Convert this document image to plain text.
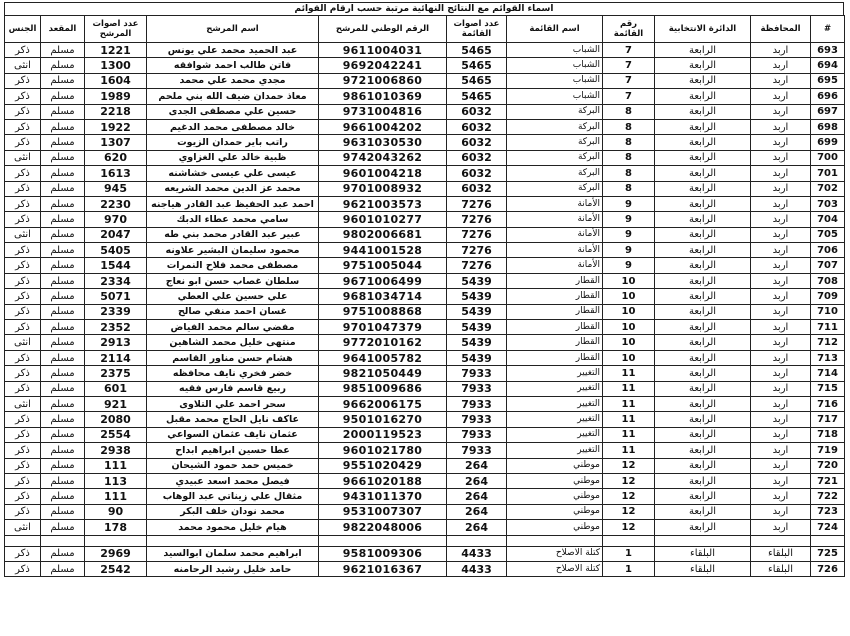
اسماء القوائم مع النتائج النهائية مرتبة حسب ارقام القوائم
#	المحافظة	الدائرة الانتخابية	رقم القائمة	اسم القائمة	عدد اصوات القائمة	الرقم الوطني للمرشح	اسم المرشح	عدد اصوات المرشح	المقعد	الجنس
693	اربد	الرابعة	7	الشباب	5465	9611004031	عبد الحميد محمد علي يونس	1221	مسلم	ذكر
694	اربد	الرابعة	7	الشباب	5465	9692042241	فاتن طالب احمد شوافقه	1300	مسلم	انثى
695	اربد	الرابعة	7	الشباب	5465	9721006860	مجدي محمد علي محمد	1604	مسلم	ذكر
696	اربد	الرابعة	7	الشباب	5465	9861010369	معاذ حمدان ضيف الله بني ملحم	1989	مسلم	ذكر
697	اربد	الرابعة	8	البركة	6032	9731004816	حسين علي مصطفى الجدى	2218	مسلم	ذكر
698	اربد	الرابعة	8	البركة	6032	9661004202	خالد مصطفى محمد الدغيم	1922	مسلم	ذكر
699	اربد	الرابعة	8	البركة	6032	9631030530	راتب باير حمدان الزيوت	1307	مسلم	ذكر
700	اربد	الرابعة	8	البركة	6032	9742043262	ظبية خالد علي الغزاوي	620	مسلم	انثى
701	اربد	الرابعة	8	البركة	6032	9601004218	عيسى علي عيسى خشاشنه	1613	مسلم	ذكر
702	اربد	الرابعة	8	البركة	6032	9701008932	محمد عز الدين محمد الشريعه	945	مسلم	ذكر
703	اربد	الرابعة	9	الأمانة	7276	9621003573	احمد عبد الحفيظ عبد القادر هياجنه	2230	مسلم	ذكر
704	اربد	الرابعة	9	الأمانة	7276	9601010277	سامي محمد عطاء الدبك	970	مسلم	ذكر
705	اربد	الرابعة	9	الأمانة	7276	9802006681	عبير عبد القادر محمد بني طه	2047	مسلم	انثى
706	اربد	الرابعة	9	الأمانة	7276	9441001528	محمود سليمان البشير علاونه	5405	مسلم	ذكر
707	اربد	الرابعة	9	الأمانة	7276	9751005044	مصطفى محمد فلاح النمرات	1544	مسلم	ذكر
708	اربد	الرابعة	10	القطار	5439	9671006499	سلطان غصاب حسن ابو نعاج	2334	مسلم	ذكر
709	اربد	الرابعة	10	القطار	5439	9681034714	علي حسين علي العطي	5071	مسلم	ذكر
710	اربد	الرابعة	10	القطار	5439	9751008868	غسان احمد منفي صالح	2339	مسلم	ذكر
711	اربد	الرابعة	10	القطار	5439	9701047379	مفضي سالم محمد الفياض	2352	مسلم	ذكر
712	اربد	الرابعة	10	القطار	5439	9772010162	منتهى خليل محمد الشاهين	2913	مسلم	انثى
713	اربد	الرابعة	10	القطار	5439	9641005782	هشام حسن مناور القاسم	2114	مسلم	ذكر
714	اربد	الرابعة	11	التغيير	7933	9821050449	خضر فخري نايف محافظه	2375	مسلم	ذكر
715	اربد	الرابعة	11	التغيير	7933	9851009686	ربيع قاسم فارس فقيه	601	مسلم	ذكر
716	اربد	الرابعة	11	التغيير	7933	9662006175	سحر احمد علي التلاوى	921	مسلم	انثى
717	اربد	الرابعة	11	التغيير	7933	9501016270	عاكف نايل الحاج محمد مقبل	2080	مسلم	ذكر
718	اربد	الرابعة	11	التغيير	7933	2000119523	عثمان نايف عثمان السواعي	2554	مسلم	ذكر
719	اربد	الرابعة	11	التغيير	7933	9601021780	عطا حسين ابراهيم ابداح	2938	مسلم	ذكر
720	اربد	الرابعة	12	موطني	264	9551020429	خميس حمد حمود الشيحان	111	مسلم	ذكر
721	اربد	الرابعة	12	موطني	264	9661020188	فيصل محمد اسعد عبيدي	113	مسلم	ذكر
722	اربد	الرابعة	12	موطني	264	9431011370	مثقال علي زيناتي عبد الوهاب	111	مسلم	ذكر
723	اربد	الرابعة	12	موطني	264	9531007307	محمد نودان خلف البكر	90	مسلم	ذكر
724	اربد	الرابعة	12	موطني	264	9822048006	هيام خليل محمود محمد	178	مسلم	انثى

725	البلقاء	البلقاء	1	كتلة الاصلاح	4433	9581009306	ابراهيم محمد سلمان ابوالسيد	2969	مسلم	ذكر
726	البلقاء	البلقاء	1	كتلة الاصلاح	4433	9621016367	حامد خليل رشيد الرحامنه	2542	مسلم	ذكر
